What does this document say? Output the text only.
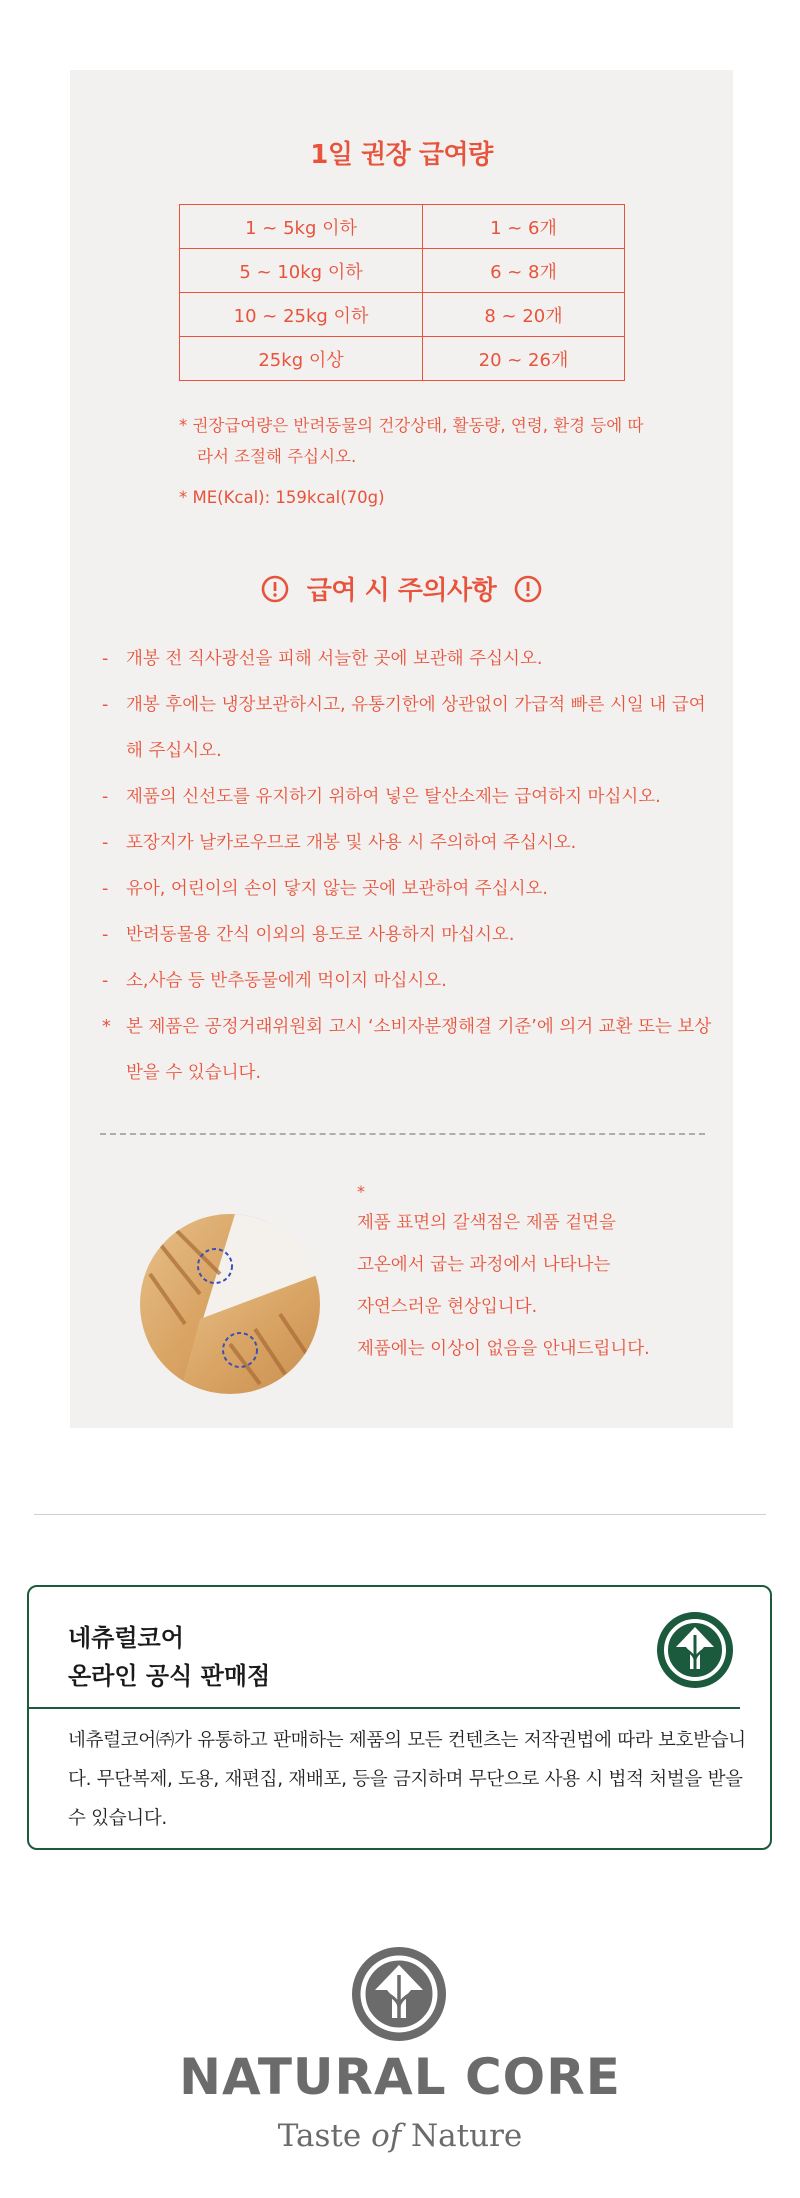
1일 권장 급여량
1 ~ 5kg 이하	1 ~ 6개
5 ~ 10kg 이하	6 ~ 8개
10 ~ 25kg 이하	8 ~ 20개
25kg 이상	20 ~ 26개

* 권장급여량은 반려동물의 건강상태, 활동량, 연령, 환경 등에 따라서 조절해 주십시오.

* ME(Kcal): 159kcal(70g)

급여 시 주의사항
- 개봉 전 직사광선을 피해 서늘한 곳에 보관해 주십시오.
- 개봉 후에는 냉장보관하시고, 유통기한에 상관없이 가급적 빠른 시일 내 급여해 주십시오.
- 제품의 신선도를 유지하기 위하여 넣은 탈산소제는 급여하지 마십시오.
- 포장지가 날카로우므로 개봉 및 사용 시 주의하여 주십시오.
- 유아, 어린이의 손이 닿지 않는 곳에 보관하여 주십시오.
- 반려동물용 간식 이외의 용도로 사용하지 마십시오.
- 소,사슴 등 반추동물에게 먹이지 마십시오.
* 본 제품은 공정거래위원회 고시 ‘소비자분쟁해결 기준’에 의거 교환 또는 보상 받을 수 있습니다.
*

제품 표면의 갈색점은 제품 겉면을

고온에서 굽는 과정에서 나타나는

자연스러운 현상입니다.

제품에는 이상이 없음을 안내드립니다.

네츄럴코어
온라인 공식 판매점

네츄럴코어㈜가 유통하고 판매하는 제품의 모든 컨텐츠는 저작권법에 따라 보호받습니다. 무단복제, 도용, 재편집, 재배포, 등을 금지하며 무단으로 사용 시 법적 처벌을 받을 수 있습니다.

NATURAL CORE
Taste of Nature
